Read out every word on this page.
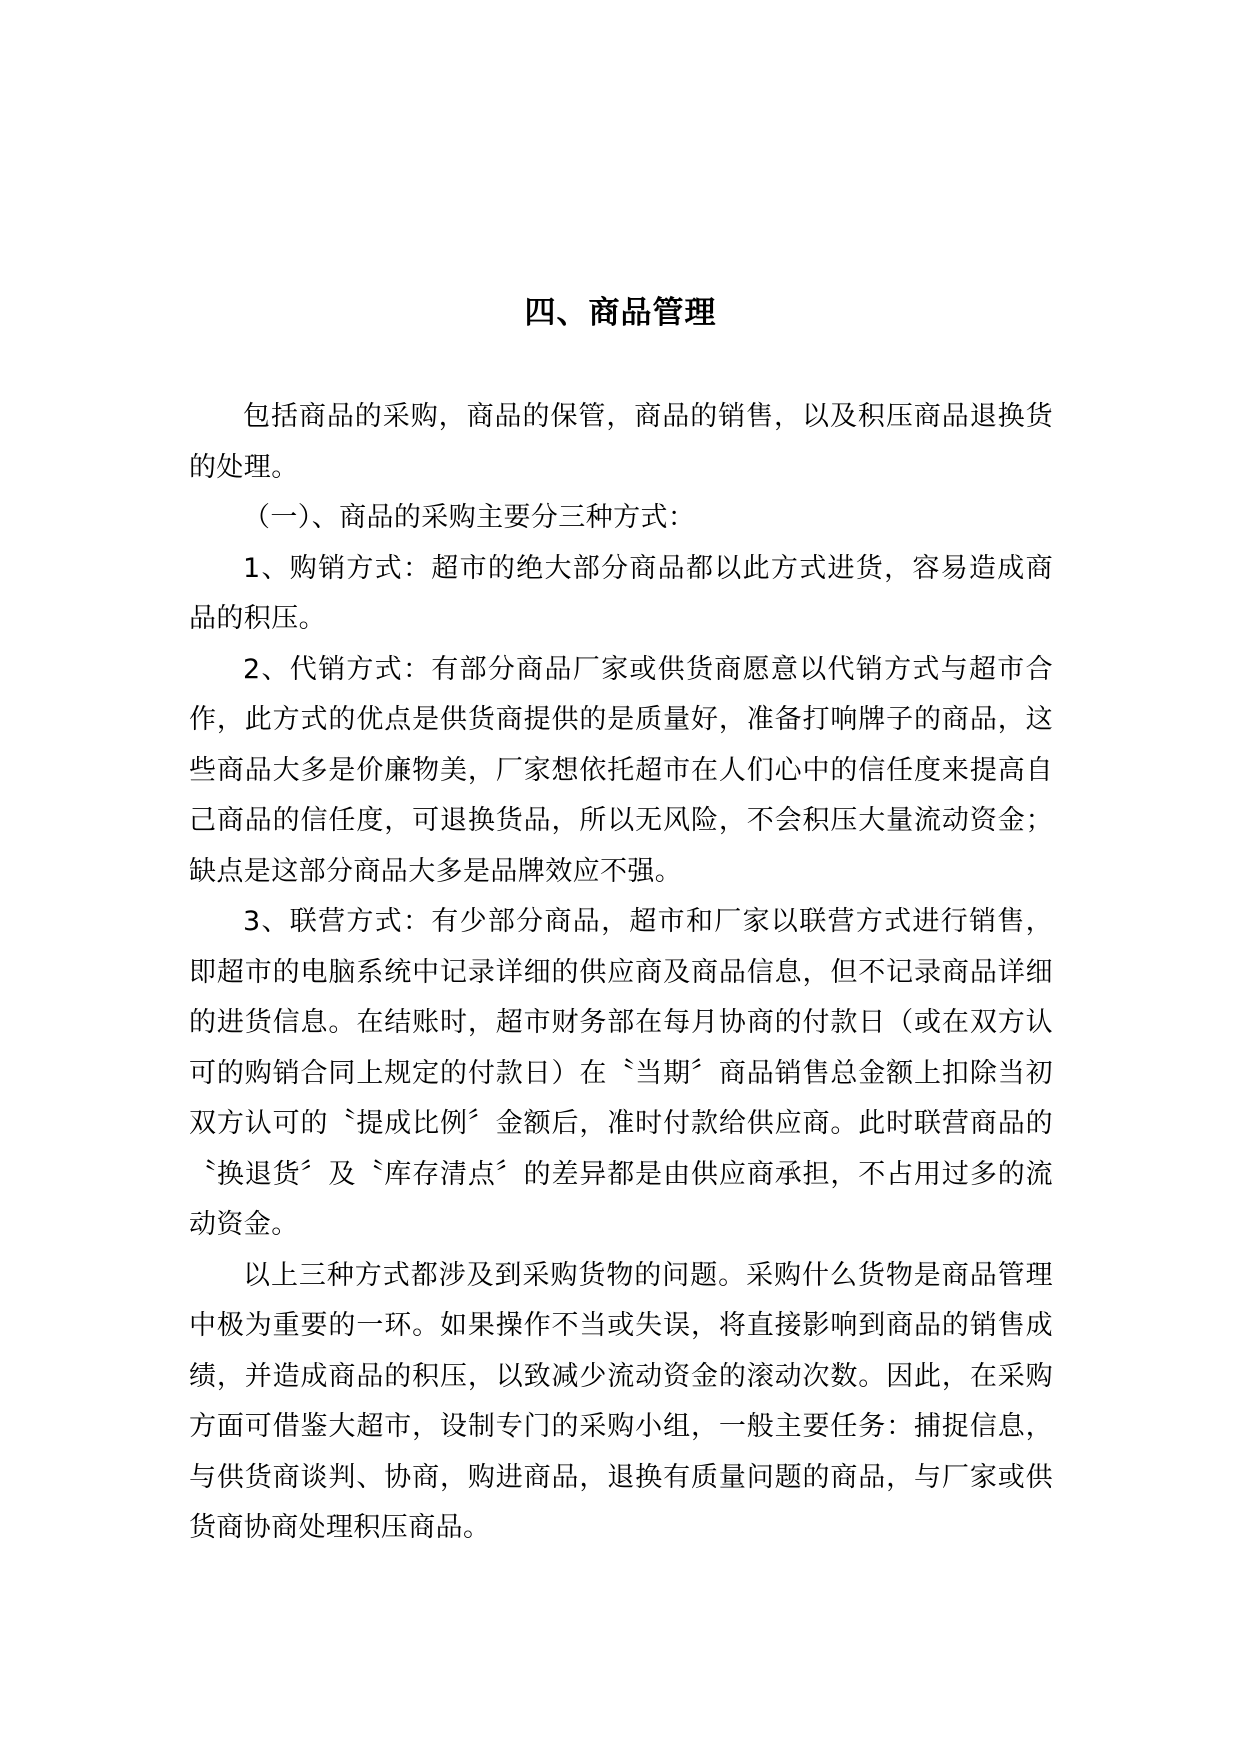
四、商品管理

包括商品的采购，商品的保管，商品的销售，以及积压商品退换货的处理。

（一）、商品的采购主要分三种方式：

1、购销方式：超市的绝大部分商品都以此方式进货，容易造成商品的积压。

2、代销方式：有部分商品厂家或供货商愿意以代销方式与超市合作，此方式的优点是供货商提供的是质量好，准备打响牌子的商品，这些商品大多是价廉物美，厂家想依托超市在人们心中的信任度来提高自己商品的信任度，可退换货品，所以无风险，不会积压大量流动资金；缺点是这部分商品大多是品牌效应不强。

3、联营方式：有少部分商品，超市和厂家以联营方式进行销售，即超市的电脑系统中记录详细的供应商及商品信息，但不记录商品详细的进货信息。在结账时，超市财务部在每月协商的付款日（或在双方认可的购销合同上规定的付款日）在〝当期〞商品销售总金额上扣除当初双方认可的〝提成比例〞金额后，准时付款给供应商。此时联营商品的〝换退货〞及〝库存清点〞的差异都是由供应商承担，不占用过多的流动资金。

以上三种方式都涉及到采购货物的问题。采购什么货物是商品管理中极为重要的一环。如果操作不当或失误，将直接影响到商品的销售成绩，并造成商品的积压，以致减少流动资金的滚动次数。因此，在采购方面可借鉴大超市，设制专门的采购小组，一般主要任务：捕捉信息，与供货商谈判、协商，购进商品，退换有质量问题的商品，与厂家或供货商协商处理积压商品。
